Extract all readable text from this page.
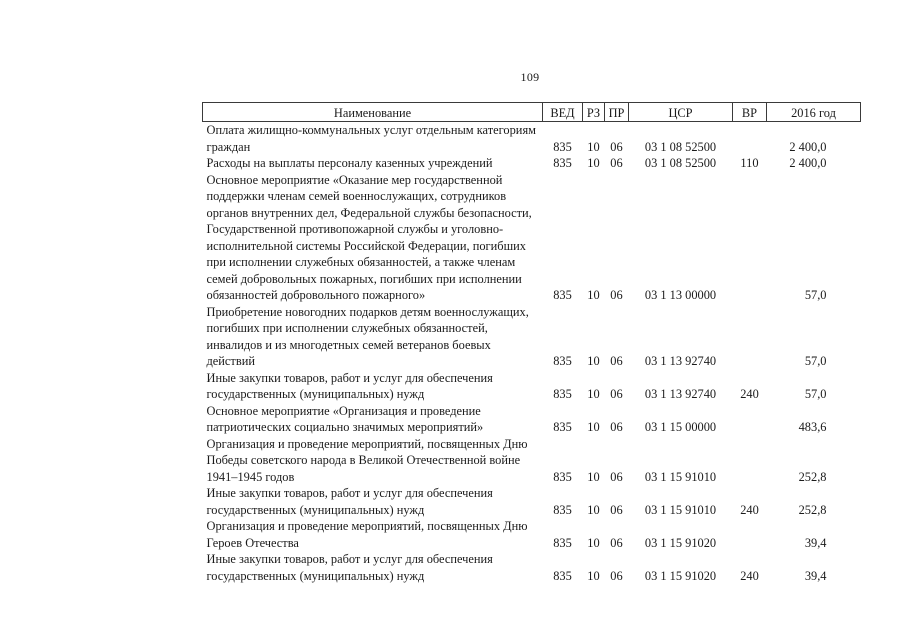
109
Наименование	ВЕД	РЗ	ПР	ЦСР	ВР	2016 год
Оплата жилищно-коммунальных услуг отдельным категориям граждан	835	10	06	03 1 08 52500		2 400,0
Расходы на выплаты персоналу казенных учреждений	835	10	06	03 1 08 52500	110	2 400,0
Основное мероприятие «Оказание мер государственной поддержки членам семей военнослужащих, сотрудников органов внутренних дел, Федеральной службы безопасности, Государственной противопожарной службы и уголовно-исполнительной системы Российской Федерации, погибших при исполнении служебных обязанностей, а также членам семей добровольных пожарных, погибших при исполнении обязанностей добровольного пожарного»	835	10	06	03 1 13 00000		57,0
Приобретение новогодних подарков детям военнослужащих, погибших при исполнении служебных обязанностей, инвалидов и из многодетных семей ветеранов боевых действий	835	10	06	03 1 13 92740		57,0
Иные закупки товаров, работ и услуг для обеспечения государственных (муниципальных) нужд	835	10	06	03 1 13 92740	240	57,0
Основное мероприятие «Организация и проведение патриотических социально значимых мероприятий»	835	10	06	03 1 15 00000		483,6
Организация и проведение мероприятий, посвященных Дню Победы советского народа в Великой Отечественной войне 1941–1945 годов	835	10	06	03 1 15 91010		252,8
Иные закупки товаров, работ и услуг для обеспечения государственных (муниципальных) нужд	835	10	06	03 1 15 91010	240	252,8
Организация и проведение мероприятий, посвященных Дню Героев Отечества	835	10	06	03 1 15 91020		39,4
Иные закупки товаров, работ и услуг для обеспечения государственных (муниципальных) нужд	835	10	06	03 1 15 91020	240	39,4
